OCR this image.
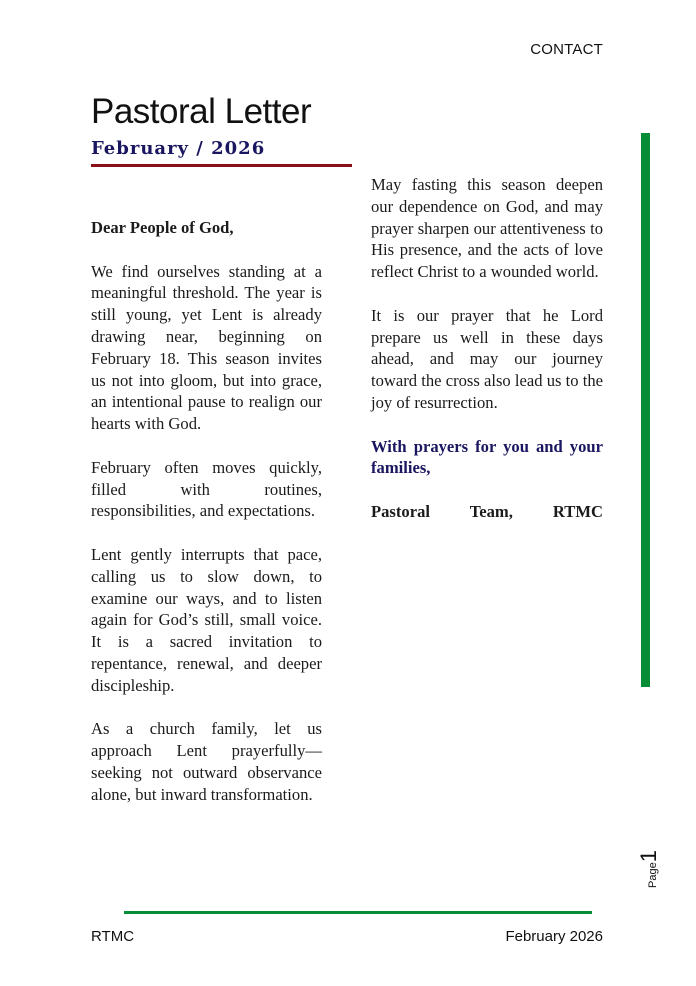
CONTACT
Pastoral Letter
February / 2026

Dear People of God,

We find ourselves standing at a meaningful threshold. The year is still young, yet Lent is already drawing near, beginning on February 18. This season invites us not into gloom, but into grace, an intentional pause to realign our hearts with God.

February often moves quickly, filled with routines, responsibilities, and expectations.

Lent gently interrupts that pace, calling us to slow down, to examine our ways, and to listen again for God’s still, small voice. It is a sacred invitation to repentance, renewal, and deeper discipleship.

As a church family, let us approach Lent prayerfully—seeking not outward observance alone, but inward transformation.

May fasting this season deepen our dependence on God, and may prayer sharpen our attentiveness to His presence, and the acts of love reflect Christ to a wounded world.

It is our prayer that he Lord prepare us well in these days ahead, and may our journey toward the cross also lead us to the joy of resurrection.

With prayers for you and your families,

Pastoral Team, RTMC

Page1
RTMC	February 2026
